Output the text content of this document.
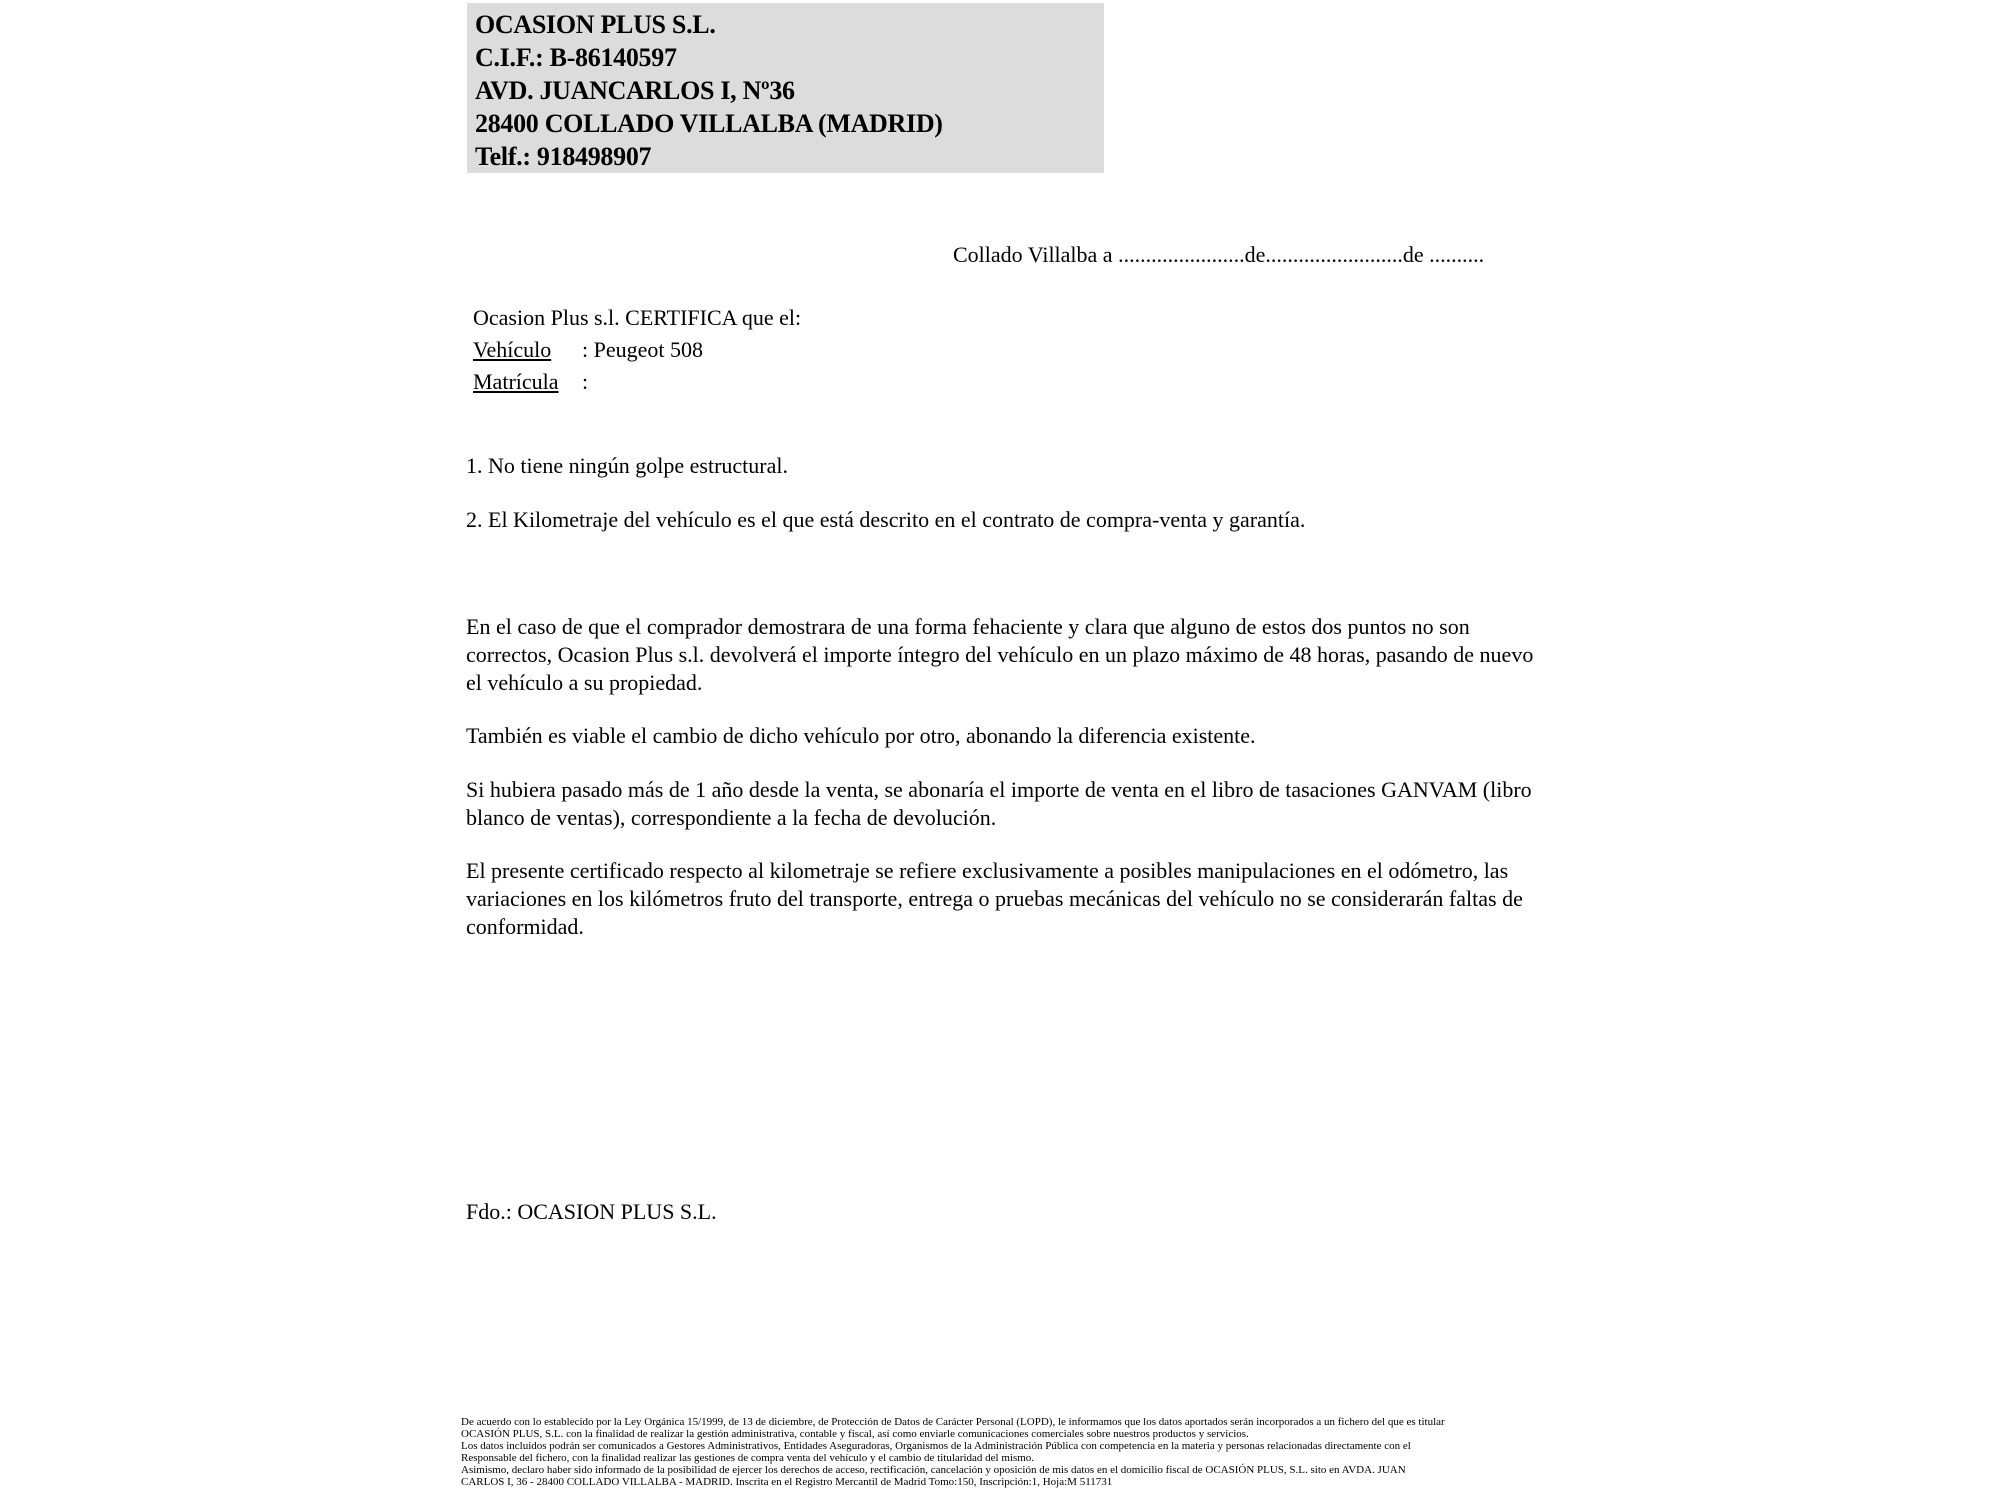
OCASION PLUS S.L.
C.I.F.: B-86140597
AVD. JUANCARLOS I, Nº36
28400 COLLADO VILLALBA (MADRID)
Telf.: 918498907
Collado Villalba a .......................de.........................de ..........
Ocasion Plus s.l. CERTIFICA que el:
Vehículo : Peugeot 508
Matrícula :
1. No tiene ningún golpe estructural.
2. El Kilometraje del vehículo es el que está descrito en el contrato de compra-venta y garantía.
En el caso de que el comprador demostrara de una forma fehaciente y clara que alguno de estos dos puntos no son correctos, Ocasion Plus s.l. devolverá el importe íntegro del vehículo en un plazo máximo de 48 horas, pasando de nuevo el vehículo a su propiedad.
También es viable el cambio de dicho vehículo por otro, abonando la diferencia existente.
Si hubiera pasado más de 1 año desde la venta, se abonaría el importe de venta en el libro de tasaciones GANVAM (libro blanco de ventas), correspondiente a la fecha de devolución.
El presente certificado respecto al kilometraje se refiere exclusivamente a posibles manipulaciones en el odómetro, las variaciones en los kilómetros fruto del transporte, entrega o pruebas mecánicas del vehículo no se considerarán faltas de conformidad.
Fdo.: OCASION PLUS S.L.
De acuerdo con lo establecido por la Ley Orgánica 15/1999, de 13 de diciembre, de Protección de Datos de Carácter Personal (LOPD), le informamos que los datos aportados serán incorporados a un fichero del que es titular
OCASIÓN PLUS, S.L. con la finalidad de realizar la gestión administrativa, contable y fiscal, así como enviarle comunicaciones comerciales sobre nuestros productos y servicios.
Los datos incluidos podrán ser comunicados a Gestores Administrativos, Entidades Aseguradoras, Organismos de la Administración Pública con competencia en la materia y personas relacionadas directamente con el
Responsable del fichero, con la finalidad realizar las gestiones de compra venta del vehículo y el cambio de titularidad del mismo.
Asimismo, declaro haber sido informado de la posibilidad de ejercer los derechos de acceso, rectificación, cancelación y oposición de mis datos en el domicilio fiscal de OCASIÓN PLUS, S.L. sito en AVDA. JUAN
CARLOS I, 36 - 28400 COLLADO VILLALBA - MADRID. Inscrita en el Registro Mercantil de Madrid Tomo:150, Inscripción:1, Hoja:M 511731
